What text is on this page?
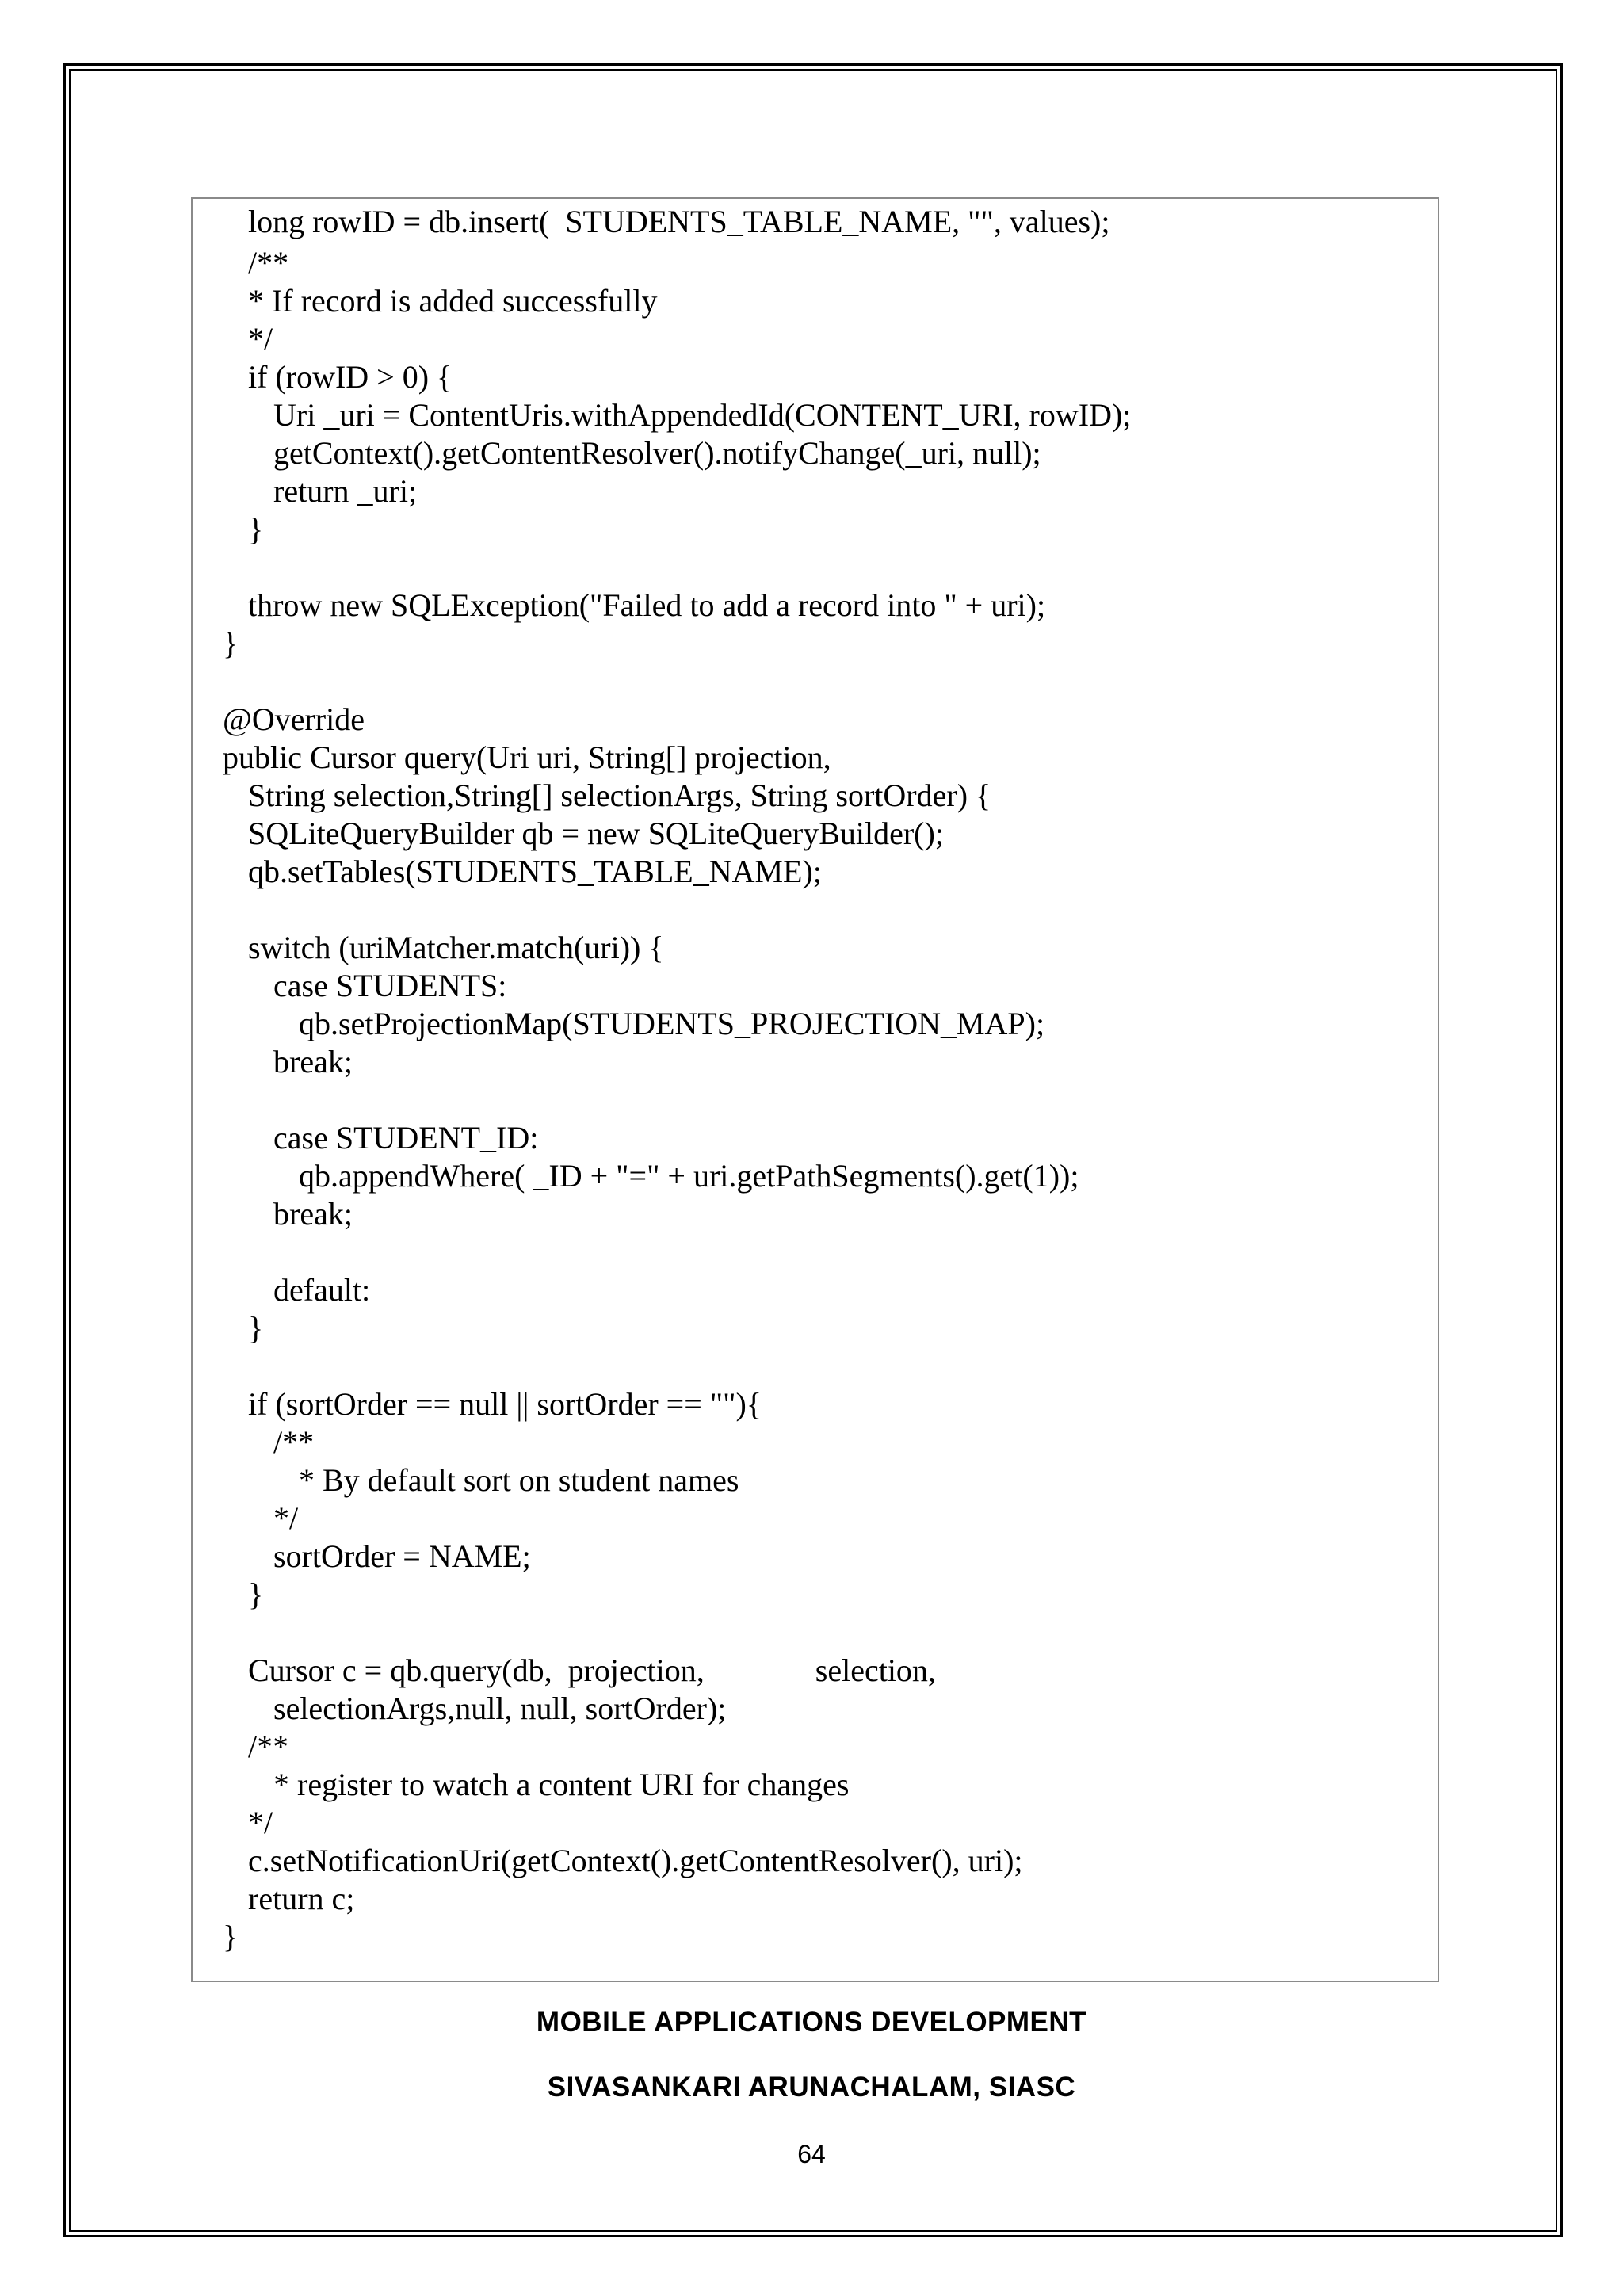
long rowID = db.insert(  STUDENTS_TABLE_NAME, "", values);
/**
* If record is added successfully
*/
if (rowID > 0) {
Uri _uri = ContentUris.withAppendedId(CONTENT_URI, rowID);
getContext().getContentResolver().notifyChange(_uri, null);
return _uri;
}
throw new SQLException("Failed to add a record into " + uri);
}
@Override
public Cursor query(Uri uri, String[] projection,
String selection,String[] selectionArgs, String sortOrder) {
SQLiteQueryBuilder qb = new SQLiteQueryBuilder();
qb.setTables(STUDENTS_TABLE_NAME);
switch (uriMatcher.match(uri)) {
case STUDENTS:
qb.setProjectionMap(STUDENTS_PROJECTION_MAP);
break;
case STUDENT_ID:
qb.appendWhere( _ID + "=" + uri.getPathSegments().get(1));
break;
default:
}
if (sortOrder == null || sortOrder == ""){
/**
* By default sort on student names
*/
sortOrder = NAME;
}
Cursor c = qb.query(db,  projection,              selection,
selectionArgs,null, null, sortOrder);
/**
* register to watch a content URI for changes
*/
c.setNotificationUri(getContext().getContentResolver(), uri);
return c;
}
MOBILE APPLICATIONS DEVELOPMENT
SIVASANKARI ARUNACHALAM, SIASC
64
